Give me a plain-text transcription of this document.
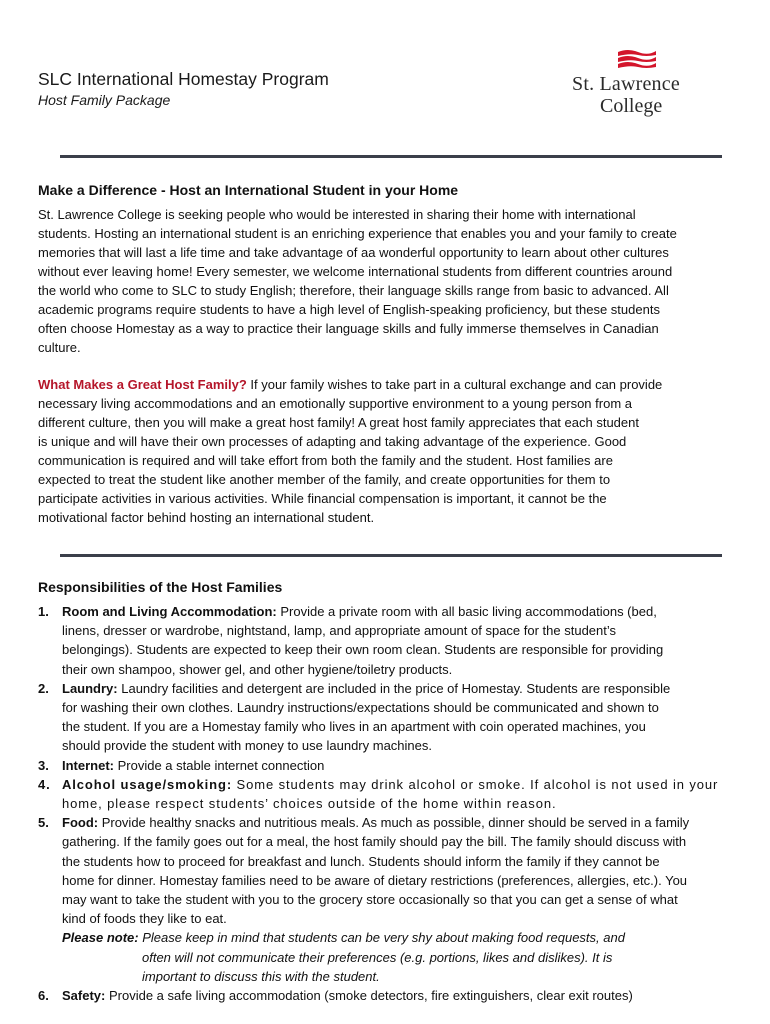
SLC International Homestay Program
Host Family Package
St. Lawrence
College
Make a Difference - Host an International Student in your Home
St. Lawrence College is seeking people who would be interested in sharing their home with international
students. Hosting an international student is an enriching experience that enables you and your family to create
memories that will last a life time and take advantage of aa wonderful opportunity to learn about other cultures
without ever leaving home! Every semester, we welcome international students from different countries around
the world who come to SLC to study English; therefore, their language skills range from basic to advanced. All
academic programs require students to have a high level of English-speaking proficiency, but these students
often choose Homestay as a way to practice their language skills and fully immerse themselves in Canadian
culture.
What Makes a Great Host Family? If your family wishes to take part in a cultural exchange and can provide
necessary living accommodations and an emotionally supportive environment to a young person from a
different culture, then you will make a great host family! A great host family appreciates that each student
is unique and will have their own processes of adapting and taking advantage of the experience. Good
communication is required and will take effort from both the family and the student. Host families are
expected to treat the student like another member of the family, and create opportunities for them to
participate activities in various activities. While financial compensation is important, it cannot be the
motivational factor behind hosting an international student.
Responsibilities of the Host Families
1. Room and Living Accommodation: Provide a private room with all basic living accommodations (bed,
linens, dresser or wardrobe, nightstand, lamp, and appropriate amount of space for the student’s
belongings). Students are expected to keep their own room clean. Students are responsible for providing
their own shampoo, shower gel, and other hygiene/toiletry products.
2. Laundry: Laundry facilities and detergent are included in the price of Homestay. Students are responsible
for washing their own clothes. Laundry instructions/expectations should be communicated and shown to
the student. If you are a Homestay family who lives in an apartment with coin operated machines, you
should provide the student with money to use laundry machines.
3. Internet: Provide a stable internet connection
4. Alcohol usage/smoking: Some students may drink alcohol or smoke. If alcohol is not used in your
home, please respect students’ choices outside of the home within reason.
5. Food: Provide healthy snacks and nutritious meals. As much as possible, dinner should be served in a family
gathering. If the family goes out for a meal, the host family should pay the bill. The family should discuss with
the students how to proceed for breakfast and lunch. Students should inform the family if they cannot be
home for dinner. Homestay families need to be aware of dietary restrictions (preferences, allergies, etc.). You
may want to take the student with you to the grocery store occasionally so that you can get a sense of what
kind of foods they like to eat.
Please note: Please keep in mind that students can be very shy about making food requests, and
often will not communicate their preferences (e.g. portions, likes and dislikes). It is
important to discuss this with the student.
6. Safety: Provide a safe living accommodation (smoke detectors, fire extinguishers, clear exit routes)
